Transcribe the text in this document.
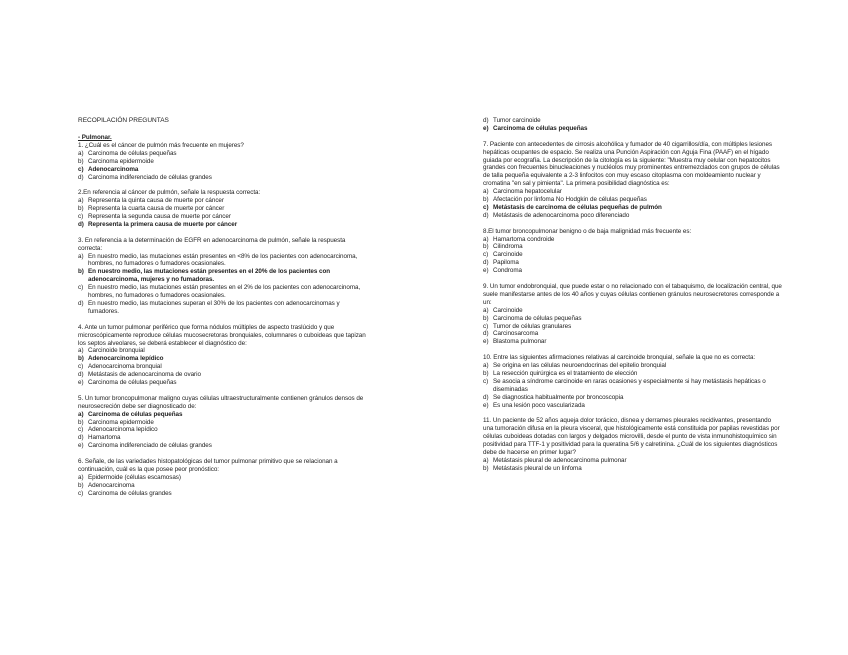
RECOPILACIÓN PREGUNTAS
- Pulmonar.
1. ¿Cuál es el cáncer de pulmón más frecuente en mujeres?
a) Carcinoma de células pequeñas
b) Carcinoma epidermoide
c) Adenocarcinoma
d) Carcinoma indiferenciado de células grandes
2.En referencia al cáncer de pulmón, señale la respuesta correcta:
a) Representa la quinta causa de muerte por cáncer
b) Representa la cuarta causa de muerte por cáncer
c) Representa la segunda causa de muerte por cáncer
d) Representa la primera causa de muerte por cáncer
3. En referencia a la determinación de EGFR en adenocarcinoma de pulmón, señale la respuesta correcta:
a) En nuestro medio, las mutaciones están presentes en <8% de los pacientes con adenocarcinoma, hombres, no fumadores o fumadores ocasionales.
b) En nuestro medio, las mutaciones están presentes en el 20% de los pacientes con adenocarcinoma, mujeres y no fumadoras.
c) En nuestro medio, las mutaciones están presentes en el 2% de los pacientes con adenocarcinoma, hombres, no fumadores o fumadores ocasionales.
d) En nuestro medio, las mutaciones superan el 30% de los pacientes con adenocarcinomas y fumadores.
4. Ante un tumor pulmonar periférico que forma nódulos múltiples de aspecto traslúcido y que microscópicamente reproduce células mucosecretoras bronquiales, columnares o cuboideas que tapizan los septos alveolares, se deberá establecer el diagnóstico de:
a) Carcinoide bronquial
b) Adenocarcinoma lepídico
c) Adenocarcinoma bronquial
d) Metástasis de adenocarcinoma de ovario
e) Carcinoma de células pequeñas
5. Un tumor broncopulmonar maligno cuyas células ultraestructuralmente contienen gránulos densos de neurosecreción debe ser diagnosticado de:
a) Carcinoma de células pequeñas
b) Carcinoma epidermoide
c) Adenocarcinoma lepídico
d) Hamartoma
e) Carcinoma indiferenciado de células grandes
6. Señale, de las variedades histopatológicas del tumor pulmonar primitivo que se relacionan a continuación, cuál es la que posee peor pronóstico:
a) Epidermoide (células escamosas)
b) Adenocarcinoma
c) Carcinoma de células grandes
d) Tumor carcinoide
e) Carcinoma de células pequeñas
7. Paciente con antecedentes de cirrosis alcohólica y fumador de 40 cigarrillos/día, con múltiples lesiones hepáticas ocupantes de espacio. Se realiza una Punción Aspiración con Aguja Fina (PAAF) en el hígado guiada por ecografía. La descripción de la citología es la siguiente: "Muestra muy celular con hepatocitos grandes con frecuentes binucleaciones y nucléolos muy prominentes entremezclados con grupos de células de talla pequeña equivalente a 2-3 linfocitos con muy escaso citoplasma con moldeamiento nuclear y cromatina "en sal y pimienta". La primera posibilidad diagnóstica es:
a) Carcinoma hepatocelular
b) Afectación por linfoma No Hodgkin de células pequeñas
c) Metástasis de carcinoma de células pequeñas de pulmón
d) Metástasis de adenocarcinoma poco diferenciado
8.El tumor broncopulmonar benigno o de baja malignidad más frecuente es:
a) Hamartoma condroide
b) Cilindroma
c) Carcinoide
d) Papiloma
e) Condroma
9. Un tumor endobronquial, que puede estar o no relacionado con el tabaquismo, de localización central, que suele manifestarse antes de los 40 años y cuyas células contienen gránulos neurosecretores corresponde a un:
a) Carcinoide
b) Carcinoma de células pequeñas
c) Tumor de células granulares
d) Carcinosarcoma
e) Blastoma pulmonar
10. Entre las siguientes afirmaciones relativas al carcinoide bronquial, señale la que no es correcta:
a) Se origina en las células neuroendocrinas del epitelio bronquial
b) La resección quirúrgica es el tratamiento de elección
c) Se asocia a síndrome carcinoide en raras ocasiones y especialmente si hay metástasis hepáticas o diseminadas
d) Se diagnostica habitualmente por broncoscopia
e) Es una lesión poco vascularizada
11. Un paciente de 52 años aqueja dolor torácico, disnea y derrames pleurales recidivantes, presentando una tumoración difusa en la pleura visceral, que histológicamente está constituida por papilas revestidas por células cuboideas dotadas con largos y delgados microvilli, desde el punto de vista inmunohistoquímico sin positividad para TTF-1 y positividad para la queratina 5/6 y calretinina. ¿Cuál de los siguientes diagnósticos debe de hacerse en primer lugar?
a) Metástasis pleural de adenocarcinoma pulmonar
b) Metástasis pleural de un linfoma
